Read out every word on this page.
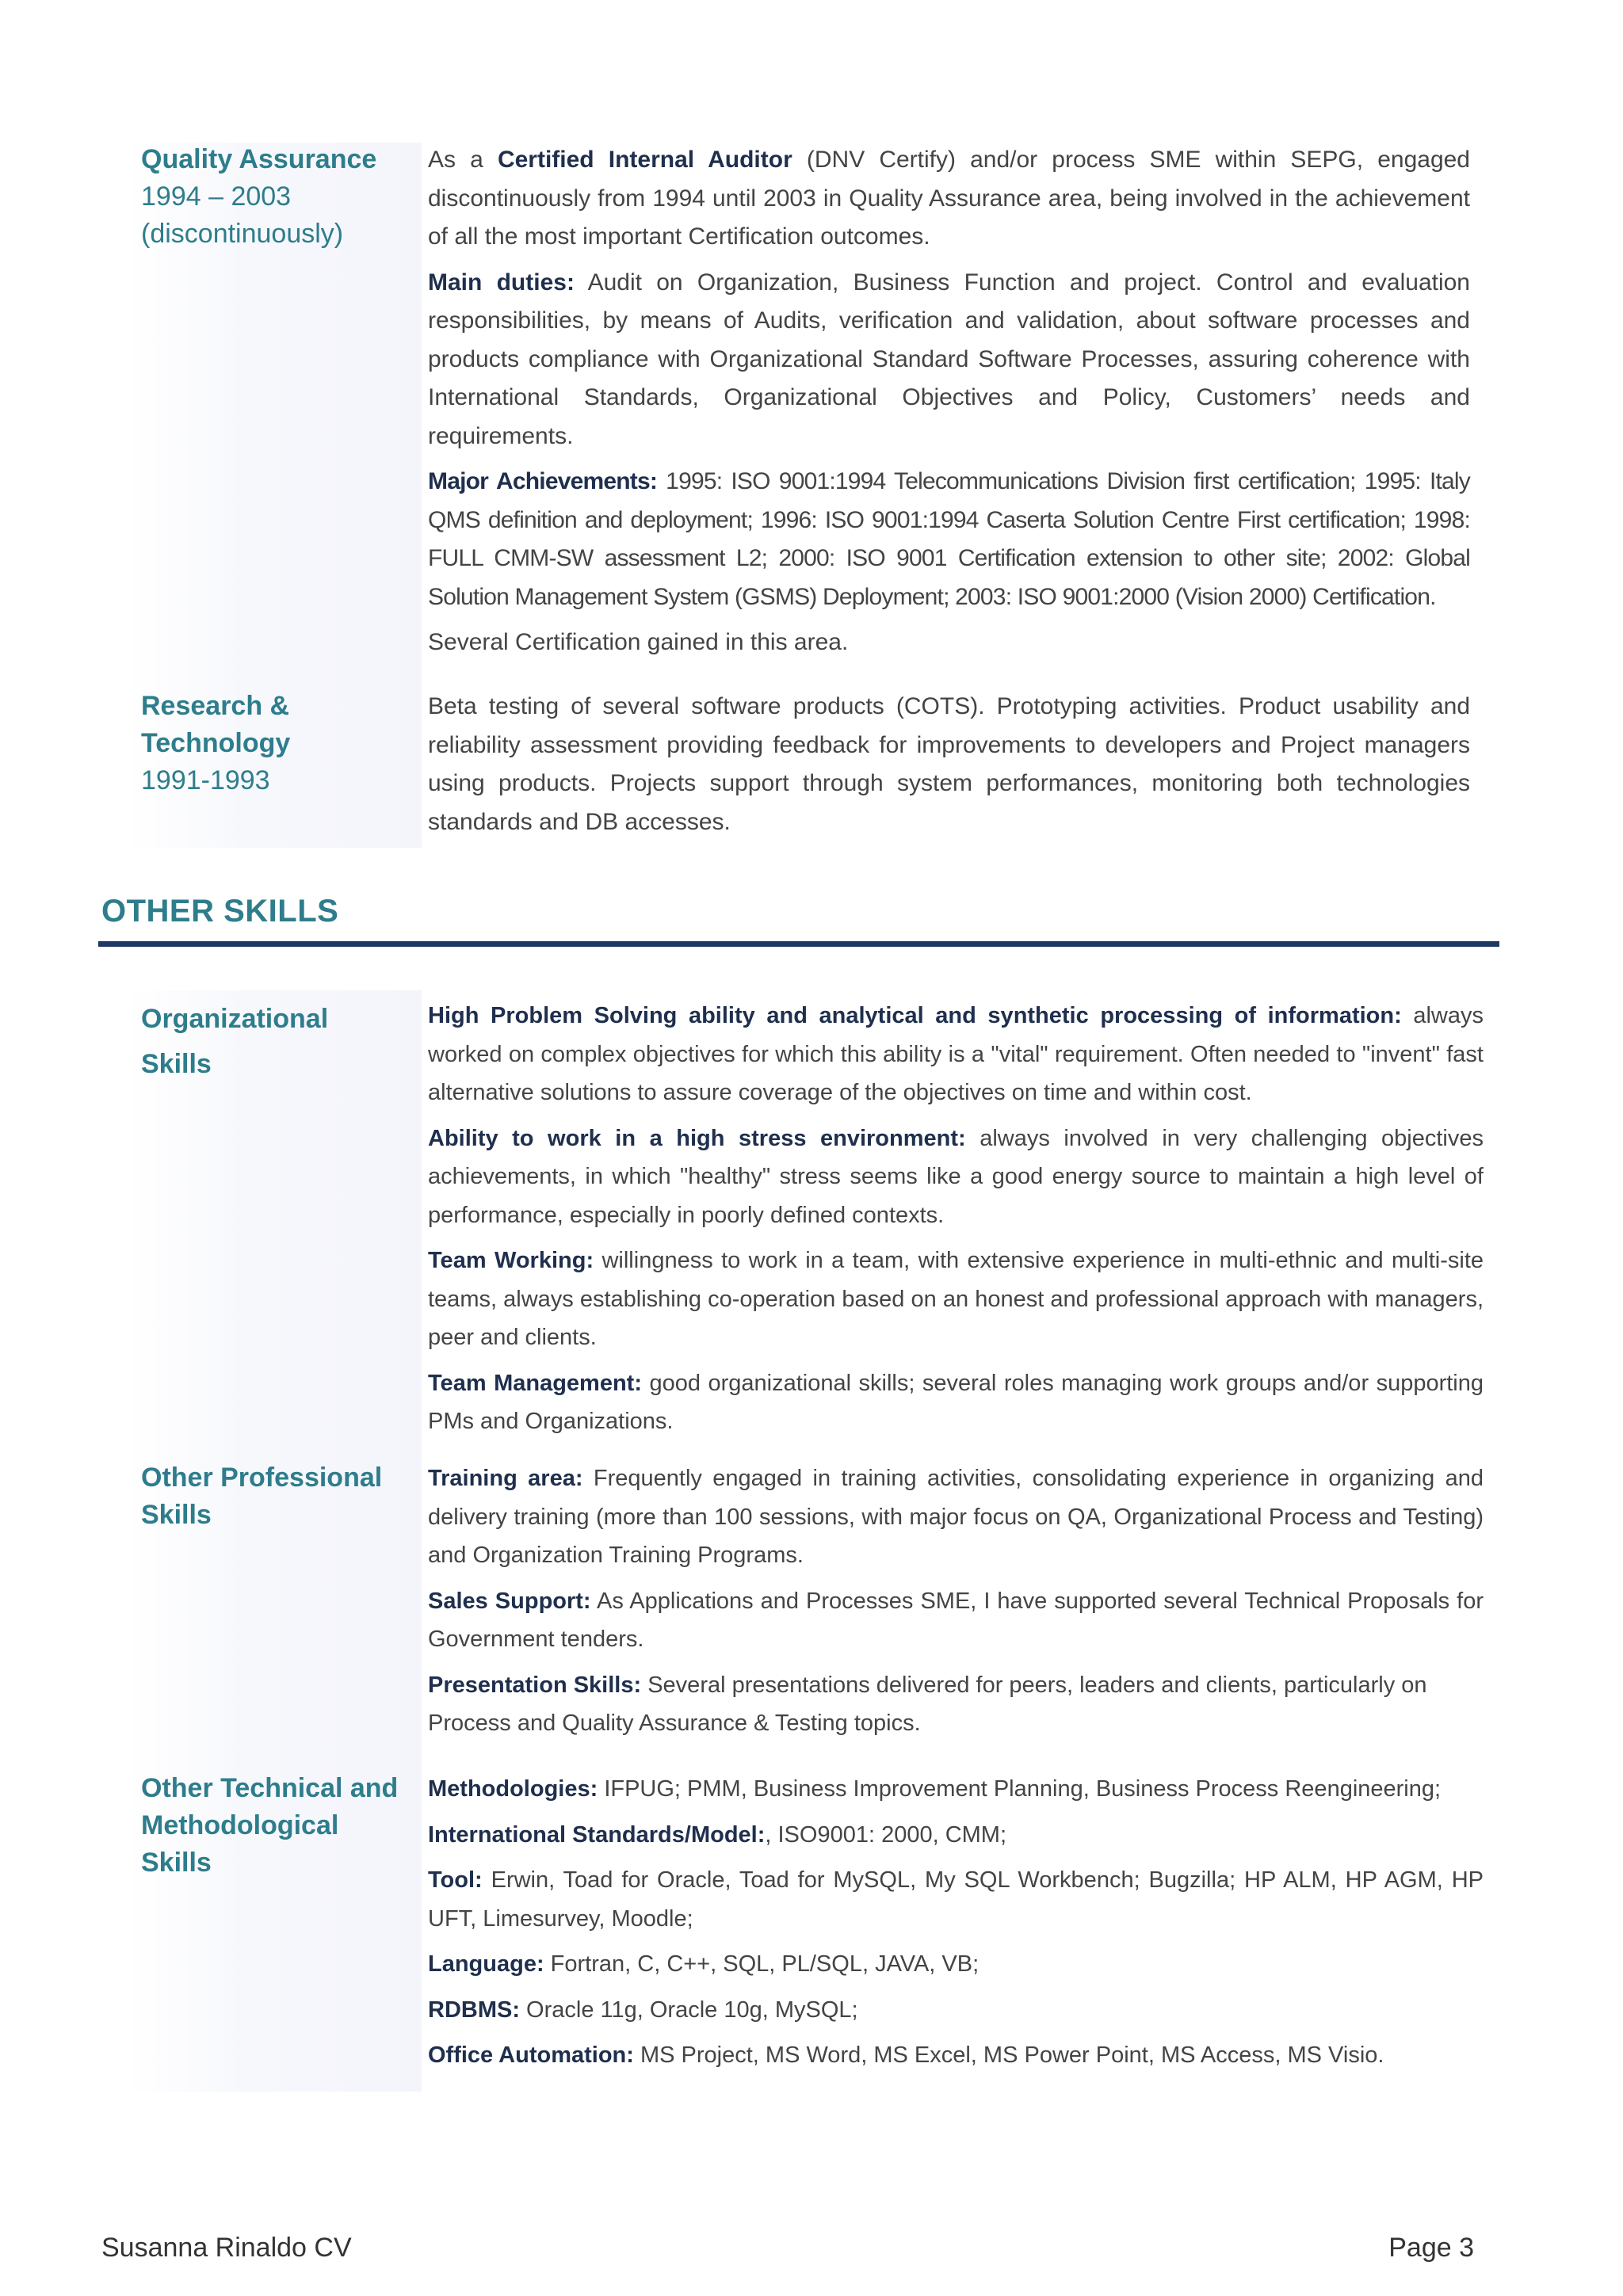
Quality Assurance
1994 – 2003
(discontinuously)

As a Certified Internal Auditor (DNV Certify) and/or process SME within SEPG, engaged discontinuously from 1994 until 2003 in Quality Assurance area, being involved in the achievement of all the most important Certification outcomes.

Main duties: Audit on Organization, Business Function and project. Control and evaluation responsibilities, by means of Audits, verification and validation, about software processes and products compliance with Organizational Standard Software Processes, assuring coherence with International Standards, Organizational Objectives and Policy, Customers’ needs and requirements.

Major Achievements: 1995: ISO 9001:1994 Telecommunications Division first certification; 1995: Italy QMS definition and deployment; 1996: ISO 9001:1994 Caserta Solution Centre First certification; 1998: FULL CMM-SW assessment L2; 2000: ISO 9001 Certification extension to other site; 2002: Global Solution Management System (GSMS) Deployment; 2003: ISO 9001:2000 (Vision 2000) Certification.

Several Certification gained in this area.

Research & Technology
1991-1993

Beta testing of several software products (COTS). Prototyping activities. Product usability and reliability assessment providing feedback for improvements to developers and Project managers using products. Projects support through system performances, monitoring both technologies standards and DB accesses.

OTHER SKILLS
Organizational Skills

High Problem Solving ability and analytical and synthetic processing of information: always worked on complex objectives for which this ability is a "vital" requirement. Often needed to "invent" fast alternative solutions to assure coverage of the objectives on time and within cost.

Ability to work in a high stress environment: always involved in very challenging objectives achievements, in which "healthy" stress seems like a good energy source to maintain a high level of performance, especially in poorly defined contexts.

Team Working: willingness to work in a team, with extensive experience in multi-ethnic and multi-site teams, always establishing co-operation based on an honest and professional approach with managers, peer and clients.

Team Management: good organizational skills; several roles managing work groups and/or supporting PMs and Organizations.

Other Professional Skills

Training area: Frequently engaged in training activities, consolidating experience in organizing and delivery training (more than 100 sessions, with major focus on QA, Organizational Process and Testing) and Organization Training Programs.

Sales Support: As Applications and Processes SME, I have supported several Technical Proposals for Government tenders.

Presentation Skills: Several presentations delivered for peers, leaders and clients, particularly on Process and Quality Assurance & Testing topics.

Other Technical and Methodological Skills

Methodologies: IFPUG; PMM, Business Improvement Planning, Business Process Reengineering;

International Standards/Model:, ISO9001: 2000, CMM;

Tool: Erwin, Toad for Oracle, Toad for MySQL, My SQL Workbench; Bugzilla; HP ALM, HP AGM, HP UFT, Limesurvey, Moodle;

Language: Fortran, C, C++, SQL, PL/SQL, JAVA, VB;

RDBMS: Oracle 11g, Oracle 10g, MySQL;

Office Automation: MS Project, MS Word, MS Excel, MS Power Point, MS Access, MS Visio.

Susanna Rinaldo CV	Page 3
